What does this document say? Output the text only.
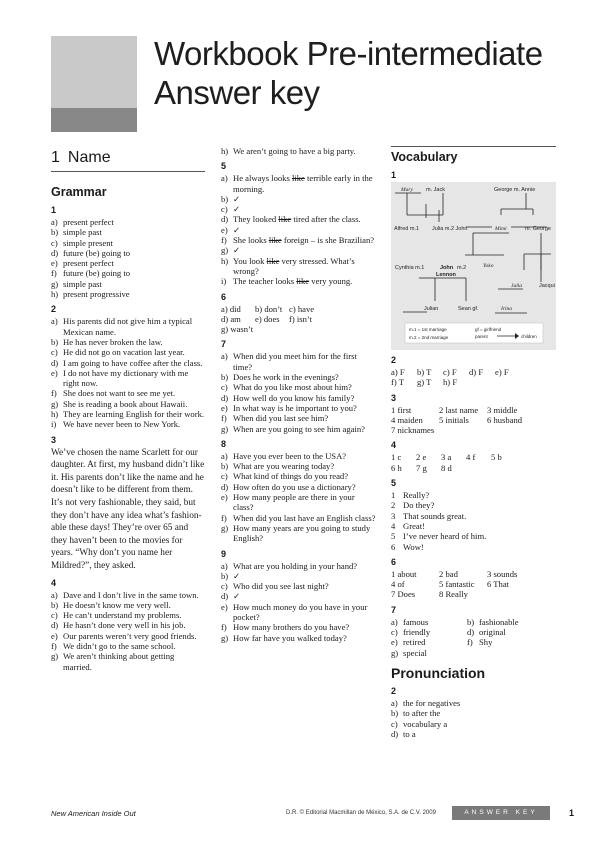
Workbook Pre-intermediate
Answer key
1 Name
Grammar
1
a) present perfect
b) simple past
c) simple present
d) future (be) going to
e) present perfect
f) future (be) going to
g) simple past
h) present progressive
2
a) His parents did not give him a typical Mexican name.
b) He has never broken the law.
c) He did not go on vacation last year.
d) I am going to have coffee after the class.
e) I do not have my dictionary with me right now.
f) She does not want to see me yet.
g) She is reading a book about Hawaii.
h) They are learning English for their work.
i) We have never been to New York.
3

We’ve chosen the name Scarlett for our daughter. At first, my husband didn’t like it. His parents don’t like the name and he doesn’t like to be different from them. It’s not very fashionable, they said, but they don’t have any idea what’s fashion-able these days! They’re over 65 and they haven’t been to the movies for years. “Why don’t you name her Mildred?”, they asked.

4
a) Dave and I don’t live in the same town.
b) He doesn’t know me very well.
c) He can’t understand my problems.
d) He hasn’t done very well in his job.
e) Our parents weren’t very good friends.
f) We didn’t go to the same school.
g) We aren’t thinking about getting married.
h) We aren’t going to have a big party.
5
a) He always looks like terrible early in the morning.
b) ✓
c) ✓
d) They looked like tired after the class.
e) ✓
f) She looks like foreign – is she Brazilian?
g) ✓
h) You look like very stressed. What’s wrong?
i) The teacher looks like very young.
6
a) did	b) don’t c) have
d) am	e) does	f) isn’t
g) wasn’t
7
a) When did you meet him for the first time?
b) Does he work in the evenings?
c) What do you like most about him?
d) How well do you know his family?
e) In what way is he important to you?
f) When did you last see him?
g) When are you going to see him again?
8
a) Have you ever been to the USA?
b) What are you wearing today?
c) What kind of things do you read?
d) How often do you use a dictionary?
e) How many people are there in your class?
f) When did you last have an English class?
g) How many years are you going to study English?
9
a) What are you holding in your hand?
b) ✓
c) Who did you see last night?
d) ✓
e) How much money do you have in your pocket?
f) How many brothers do you have?
g) How far have you walked today?
Vocabulary
1
Mary m. Jack	George m. Annie
Alfred m.1 Julia m.2 John	Mimi	m. George
Cynthia m.1	John
Lennon
m.2	Yoko
Julia	Jacqui
Julian	Sean gf.	Irina
m.1 = 1st marriage
m.2 = 2nd marriage
gf = girlfriend
parent	children
2
a) F	b) T	c) F	d) F	e) F
f) T	g) T	h) F
3
1 first	2 last name	3 middle
4 maiden	5 initials	6 husband
7 nicknames
4
1 c	2 e	3 a	4 f	5 b
6 h	7 g	8 d
5
1 Really?
2 Do they?
3 That sounds great.
4 Great!
5 I’ve never heard of him.
6 Wow!
6
1 about	2 bad	3 sounds
4 of	5 fantastic	6 That
7 Does	8 Really
7
a) famous	b) fashionable
c) friendly	d) original
e) retired	f) Shy
g) special
Pronunciation
2
a) the for negatives
b) to after the
c) vocabulary a
d) to a
New American Inside Out	D.R. © Editorial Macmillan de México, S.A. de C.V. 2009	ANSWER KEY	1
